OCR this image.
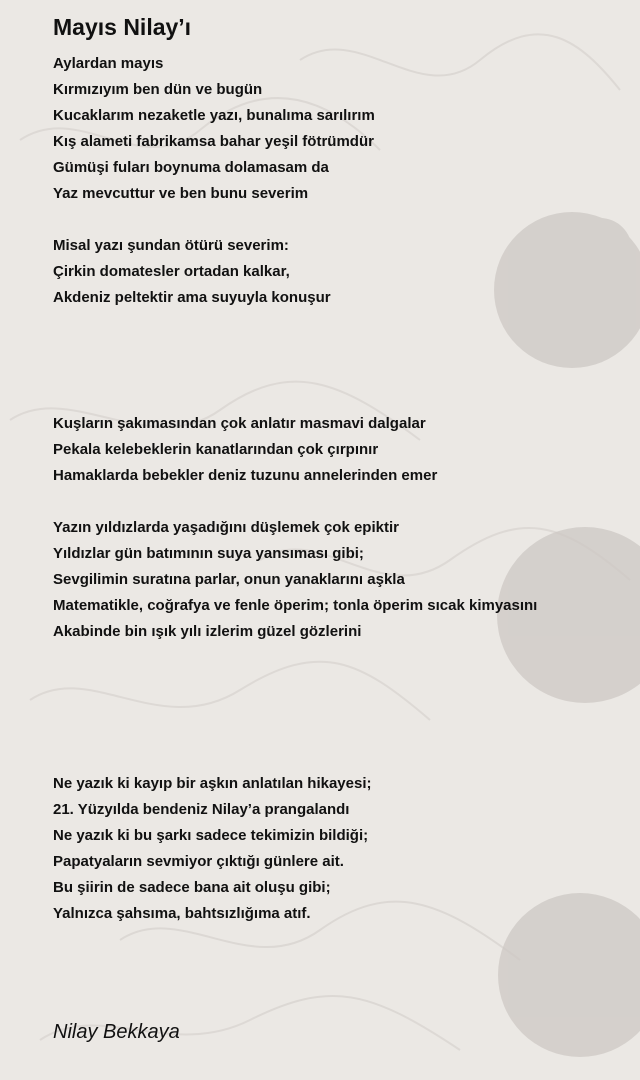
Mayıs Nilay’ı
Aylardan mayıs
Kırmızıyım ben dün ve bugün
Kucaklarım nezaketle yazı, bunalıma sarılırım
Kış alameti fabrikamsa bahar yeşil fötrümdür
Gümüşi fuları boynuma dolamasam da
Yaz mevcuttur ve ben bunu severim
Misal yazı şundan ötürü severim:
Çirkin domatesler ortadan kalkar,
Akdeniz peltektir ama suyuyla konuşur
Kuşların şakımasından çok anlatır masmavi dalgalar
Pekala kelebeklerin kanatlarından çok çırpınır
Hamaklarda bebekler deniz tuzunu annelerinden emer
Yazın yıldızlarda yaşadığını düşlemek çok epiktir
Yıldızlar gün batımının suya yansıması gibi;
Sevgilimin suratına parlar, onun yanaklarını aşkla
Matematikle, coğrafya ve fenle öperim; tonla öperim sıcak kimyasını
Akabinde bin ışık yılı izlerim güzel gözlerini
Ne yazık ki kayıp bir aşkın anlatılan hikayesi;
21. Yüzyılda bendeniz Nilay’a prangalandı
Ne yazık ki bu şarkı sadece tekimizin bildiği;
Papatyaların sevmiyor çıktığı günlere ait.
Bu şiirin de sadece bana ait oluşu gibi;
Yalnızca şahsıma, bahtsızlığıma atıf.
Nilay Bekkaya
